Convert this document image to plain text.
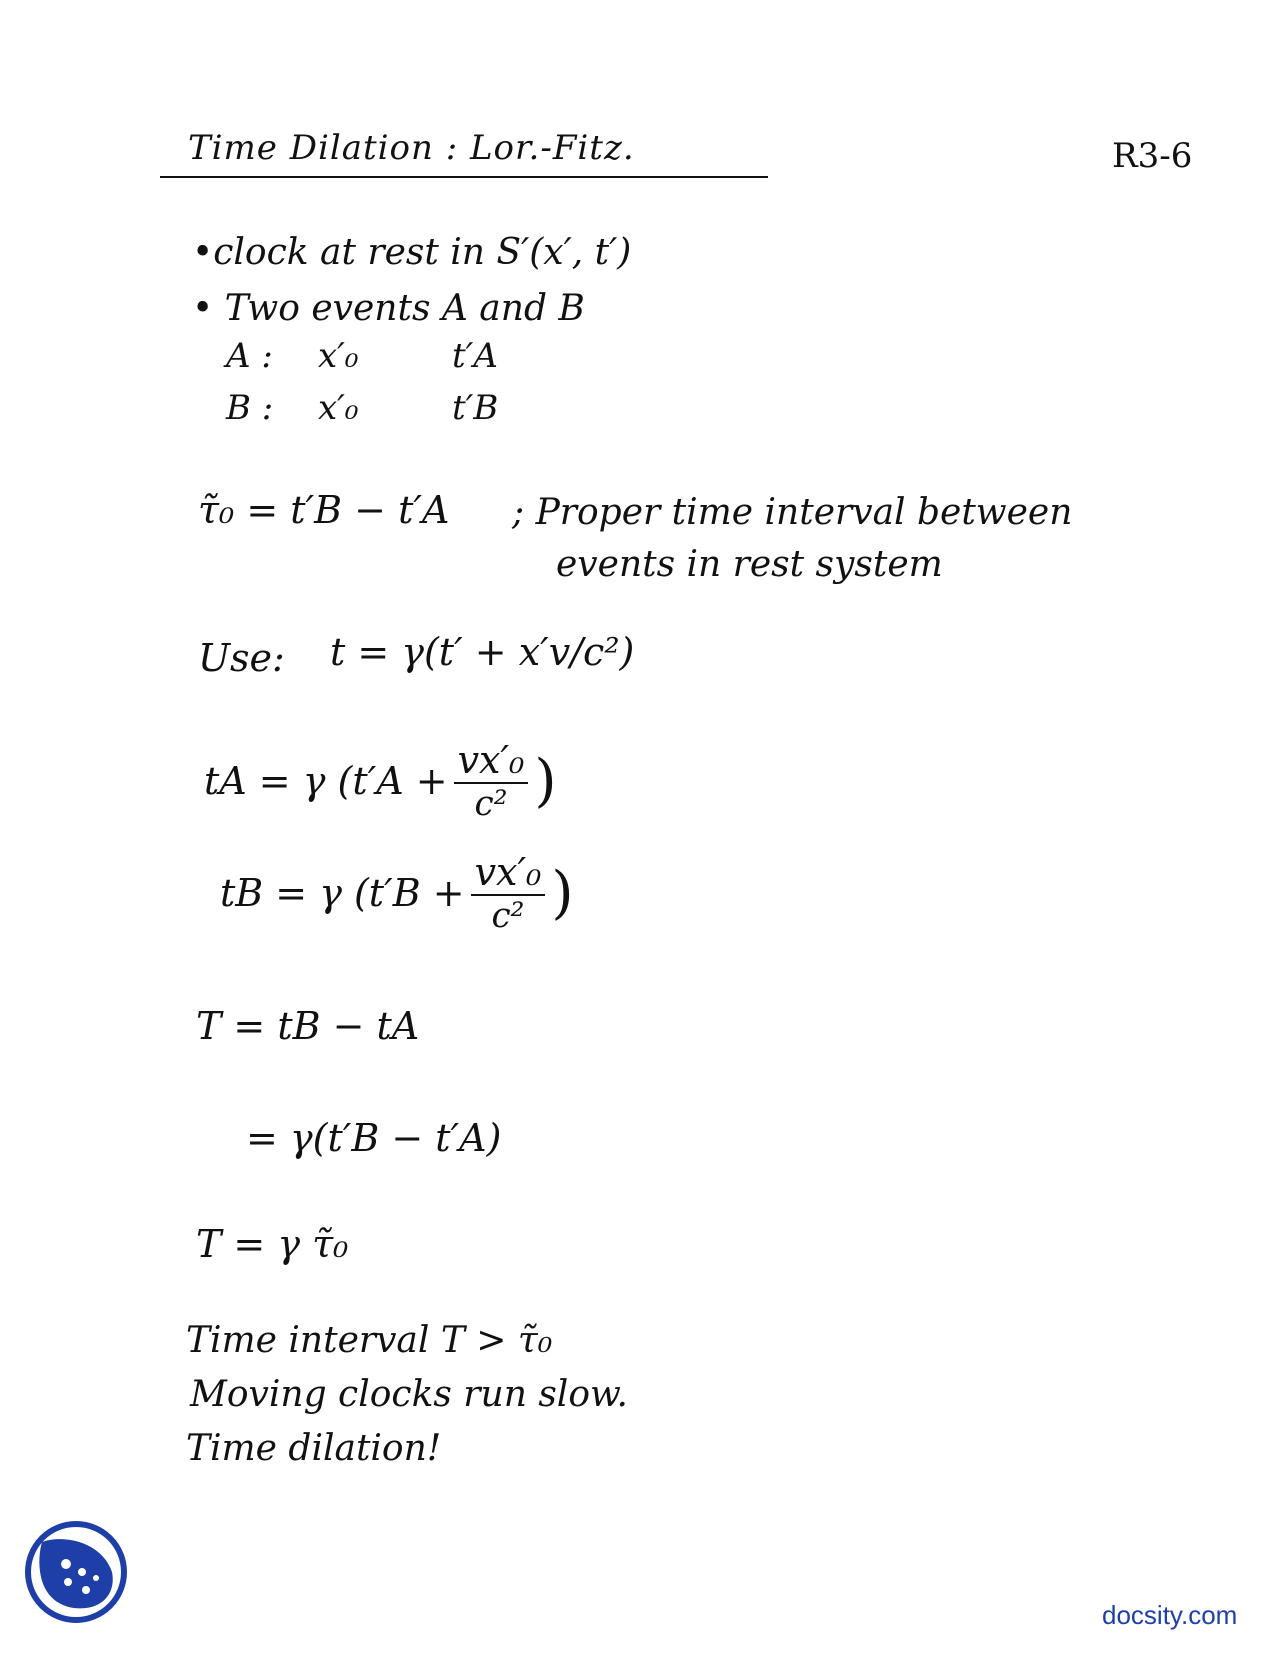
Time Dilation : Lor.-Fitz.	R3-6
•clock at rest in S′(x′, t′)
• Two events A and B
A : x′₀	t′A
B : x′₀	t′B
τ̃₀ = t′B − t′A ; Proper time interval between
events in rest system
Use: t = γ(t′ + x′v/c²)
tA = γ ($t'A + \frac{\text{vx′₀}}{\text{c²}}$ )
tB = γ ($t'B + \frac{\text{vx′₀}}{\text{c²}}$ )
T = tB − tA
= γ(t′B − t′A)
T = γ τ̃₀
Time interval T > τ̃₀
Moving clocks run slow.
Time dilation!
docsity.com
